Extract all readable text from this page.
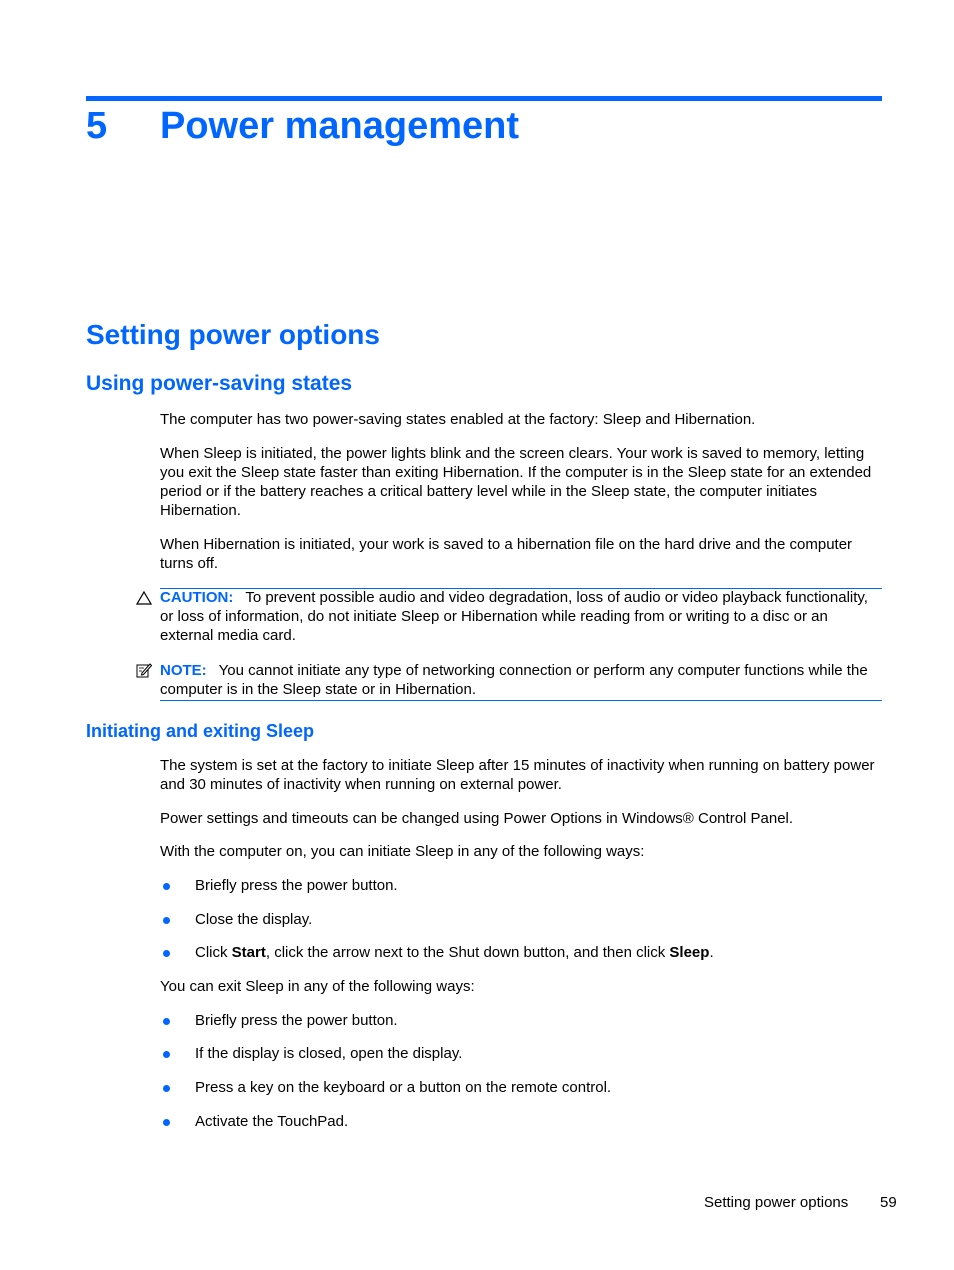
5 Power management
Setting power options
Using power-saving states

The computer has two power-saving states enabled at the factory: Sleep and Hibernation.

When Sleep is initiated, the power lights blink and the screen clears. Your work is saved to memory, letting you exit the Sleep state faster than exiting Hibernation. If the computer is in the Sleep state for an extended period or if the battery reaches a critical battery level while in the Sleep state, the computer initiates Hibernation.

When Hibernation is initiated, your work is saved to a hibernation file on the hard drive and the computer turns off.

CAUTION: To prevent possible audio and video degradation, loss of audio or video playback functionality, or loss of information, do not initiate Sleep or Hibernation while reading from or writing to a disc or an external media card.
NOTE: You cannot initiate any type of networking connection or perform any computer functions while the computer is in the Sleep state or in Hibernation.
Initiating and exiting Sleep

The system is set at the factory to initiate Sleep after 15 minutes of inactivity when running on battery power and 30 minutes of inactivity when running on external power.

Power settings and timeouts can be changed using Power Options in Windows® Control Panel.

With the computer on, you can initiate Sleep in any of the following ways:

Briefly press the power button.
Close the display.
Click Start, click the arrow next to the Shut down button, and then click Sleep.

You can exit Sleep in any of the following ways:

Briefly press the power button.
If the display is closed, open the display.
Press a key on the keyboard or a button on the remote control.
Activate the TouchPad.
Setting power options 59
